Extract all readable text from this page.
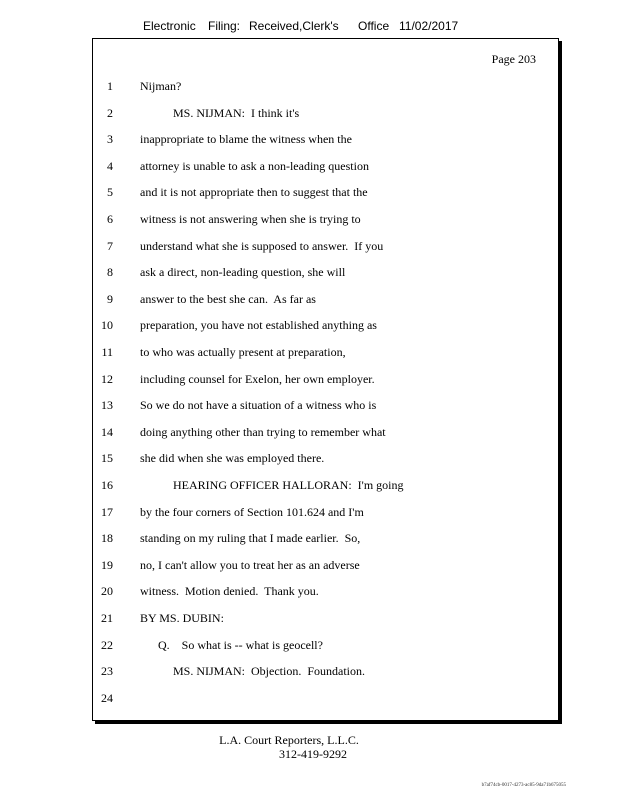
Electronic Filing: Received,Clerk's Office 11/02/2017
Page 203
1 Nijman?
2 MS. NIJMAN:  I think it's
3 inappropriate to blame the witness when the
4 attorney is unable to ask a non-leading question
5 and it is not appropriate then to suggest that the
6 witness is not answering when she is trying to
7 understand what she is supposed to answer.  If you
8 ask a direct, non-leading question, she will
9 answer to the best she can.  As far as
10 preparation, you have not established anything as
11 to who was actually present at preparation,
12 including counsel for Exelon, her own employer.
13 So we do not have a situation of a witness who is
14 doing anything other than trying to remember what
15 she did when she was employed there.
16 HEARING OFFICER HALLORAN:  I'm going
17 by the four corners of Section 101.624 and I'm
18 standing on my ruling that I made earlier.  So,
19 no, I can't allow you to treat her as an adverse
20 witness.  Motion denied.  Thank you.
21 BY MS. DUBIN:
22 Q.    So what is -- what is geocell?
23 MS. NIJMAN:  Objection.  Foundation.
24
L.A. Court Reporters, L.L.C.
312-419-9292
b7af74cb-0017-4273-ac85-9da71b675055
